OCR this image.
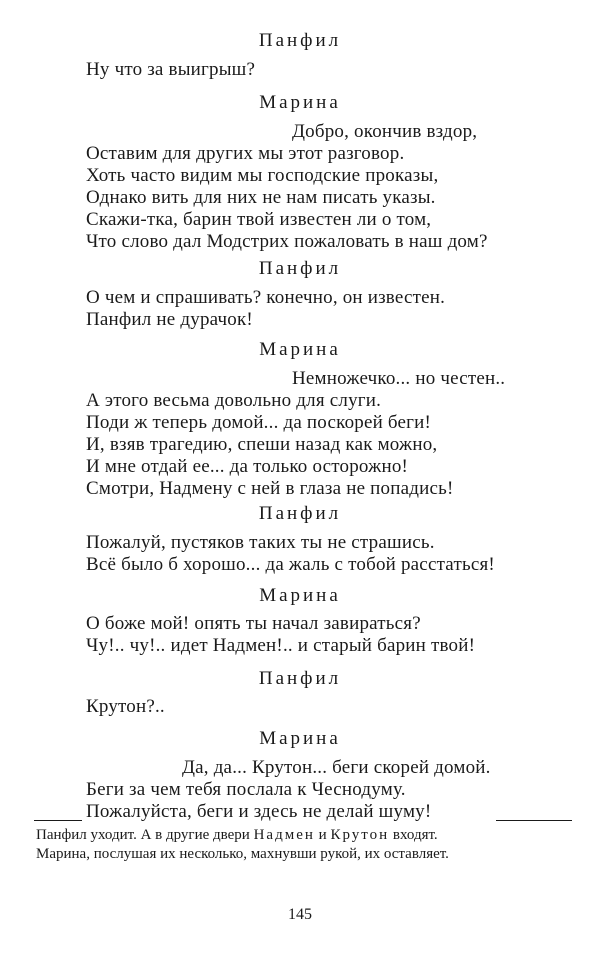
Панфил
Ну что за выигрыш?
Марина
Добро, окончив вздор,
Оставим для других мы этот разговор.
Хоть часто видим мы господские проказы,
Однако вить для них не нам писать указы.
Скажи-тка, барин твой известен ли о том,
Что слово дал Модстрих пожаловать в наш дом?
Панфил
О чем и спрашивать? конечно, он известен.
Панфил не дурачок!
Марина
Немножечко... но честен..
А этого весьма довольно для слуги.
Поди ж теперь домой... да поскорей беги!
И, взяв трагедию, спеши назад как можно,
И мне отдай ее... да только осторожно!
Смотри, Надмену с ней в глаза не попадись!
Панфил
Пожалуй, пустяков таких ты не страшись.
Всё было б хорошо... да жаль с тобой расстаться!
Марина
О боже мой! опять ты начал завираться?
Чу!.. чу!.. идет Надмен!.. и старый барин твой!
Панфил
Крутон?..
Марина
Да, да... Крутон... беги скорей домой.
Беги за чем тебя послала к Чеснодуму.
Пожалуйста, беги и здесь не делай шуму!
Панфил уходит. А в другие двери Надмен и Крутон входят.
Марина, послушая их несколько, махнувши рукой, их оставляет.
145
